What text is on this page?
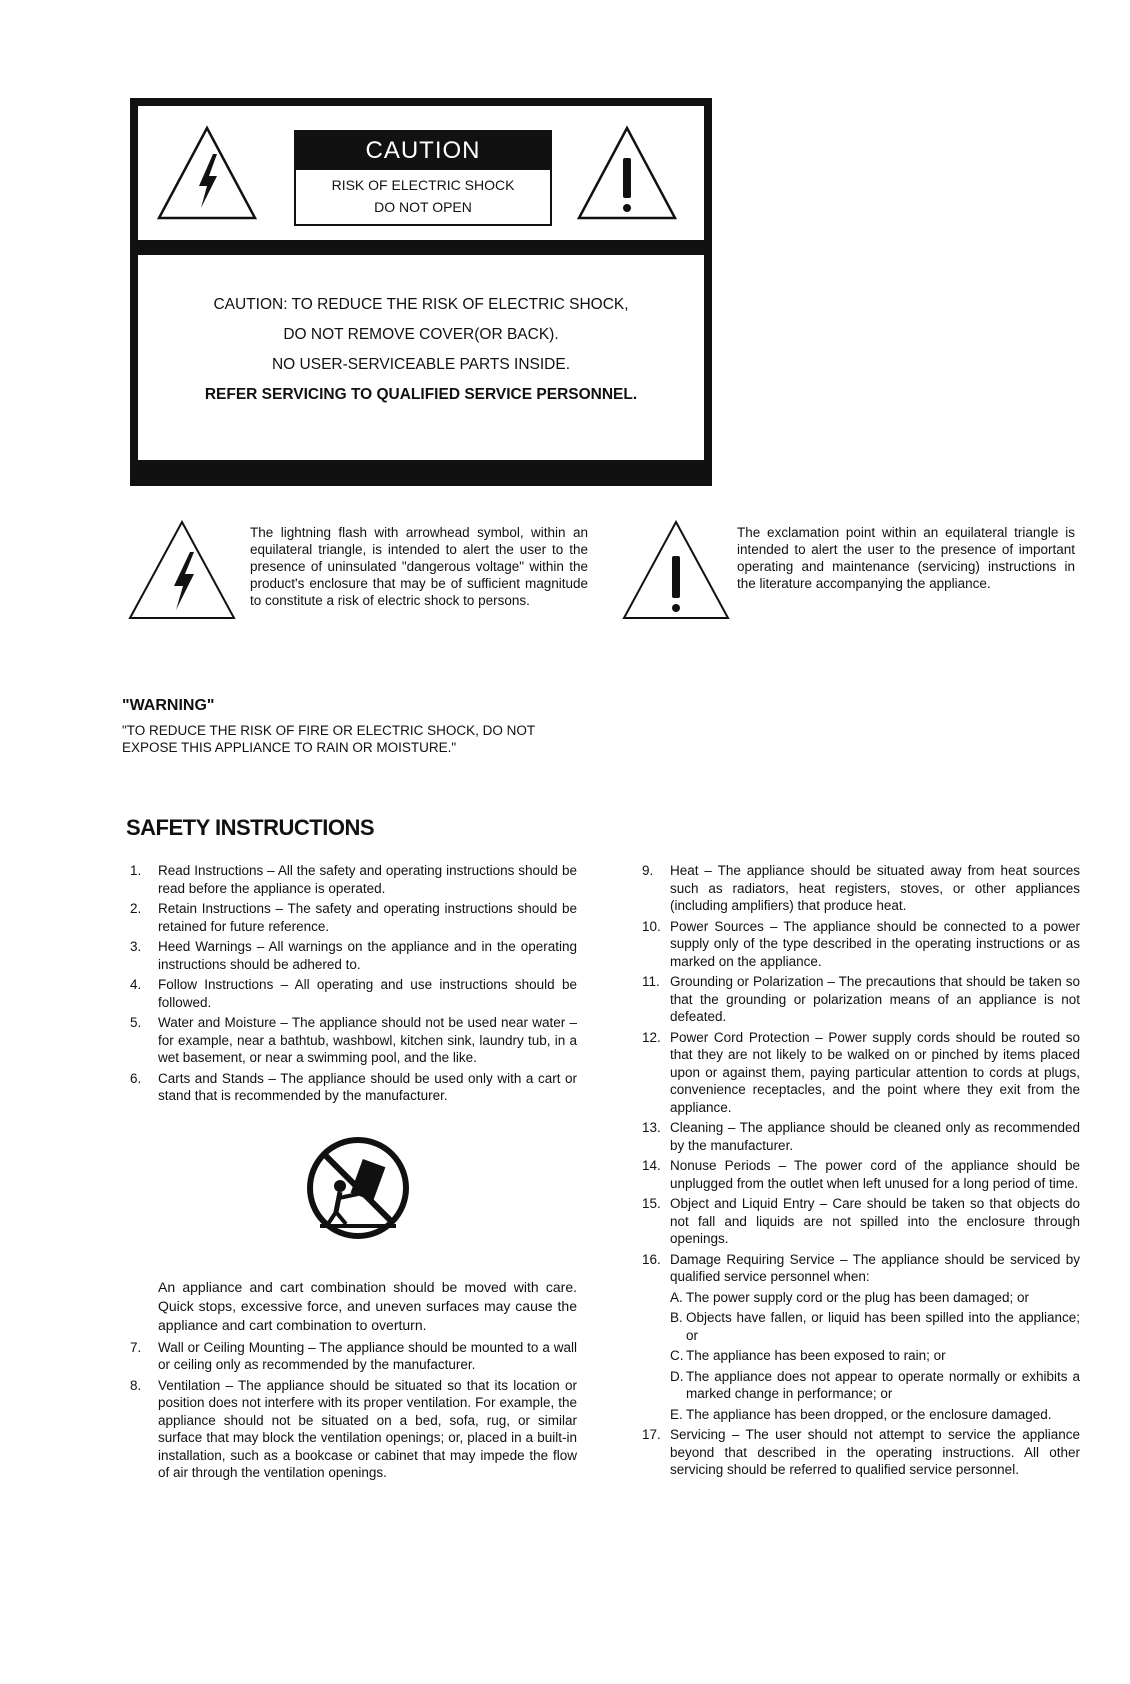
CAUTION
RISK OF ELECTRIC SHOCK
DO NOT OPEN
CAUTION: TO REDUCE THE RISK OF ELECTRIC SHOCK,
DO NOT REMOVE COVER(OR BACK).
NO USER-SERVICEABLE PARTS INSIDE.
REFER SERVICING TO QUALIFIED SERVICE PERSONNEL.
The lightning flash with arrowhead symbol, within an equilateral triangle, is intended to alert the user to the presence of uninsulated "dangerous voltage" within the product's enclosure that may be of sufficient magnitude to constitute a risk of electric shock to persons.
The exclamation point within an equilateral triangle is intended to alert the user to the presence of important operating and maintenance (servicing) instructions in the literature accompanying the appliance.
"WARNING"
"TO REDUCE THE RISK OF FIRE OR ELECTRIC SHOCK, DO NOT EXPOSE THIS APPLIANCE TO RAIN OR MOISTURE."
SAFETY INSTRUCTIONS
1.	Read Instructions – All the safety and operating instructions should be read before the appliance is operated.
2.	Retain Instructions – The safety and operating instructions should be retained for future reference.
3.	Heed Warnings – All warnings on the appliance and in the operating instructions should be adhered to.
4.	Follow Instructions – All operating and use instructions should be followed.
5.	Water and Moisture – The appliance should not be used near water – for example, near a bathtub, washbowl, kitchen sink, laundry tub, in a wet basement, or near a swimming pool, and the like.
6.	Carts and Stands – The appliance should be used only with a cart or stand that is recommended by the manufacturer.
An appliance and cart combination should be moved with care. Quick stops, excessive force, and uneven surfaces may cause the appliance and cart combination to overturn.
7.	Wall or Ceiling Mounting – The appliance should be mounted to a wall or ceiling only as recommended by the manufacturer.
8.	Ventilation – The appliance should be situated so that its location or position does not interfere with its proper ventilation. For example, the appliance should not be situated on a bed, sofa, rug, or similar surface that may block the ventilation openings; or, placed in a built-in installation, such as a bookcase or cabinet that may impede the flow of air through the ventilation openings.
9.	Heat – The appliance should be situated away from heat sources such as radiators, heat registers, stoves, or other appliances (including amplifiers) that produce heat.
10. Power Sources – The appliance should be connected to a power supply only of the type described in the operating instructions or as marked on the appliance.
11. Grounding or Polarization – The precautions that should be taken so that the grounding or polarization means of an appliance is not defeated.
12. Power Cord Protection – Power supply cords should be routed so that they are not likely to be walked on or pinched by items placed upon or against them, paying particular attention to cords at plugs, convenience receptacles, and the point where they exit from the appliance.
13. Cleaning – The appliance should be cleaned only as recommended by the manufacturer.
14. Nonuse Periods – The power cord of the appliance should be unplugged from the outlet when left unused for a long period of time.
15. Object and Liquid Entry – Care should be taken so that objects do not fall and liquids are not spilled into the enclosure through openings.
16. Damage Requiring Service – The appliance should be serviced by qualified service personnel when:
A. The power supply cord or the plug has been damaged; or
B. Objects have fallen, or liquid has been spilled into the appliance; or
C. The appliance has been exposed to rain; or
D. The appliance does not appear to operate normally or exhibits a marked change in performance; or
E. The appliance has been dropped, or the enclosure damaged.
17. Servicing – The user should not attempt to service the appliance beyond that described in the operating instructions. All other servicing should be referred to qualified service personnel.
